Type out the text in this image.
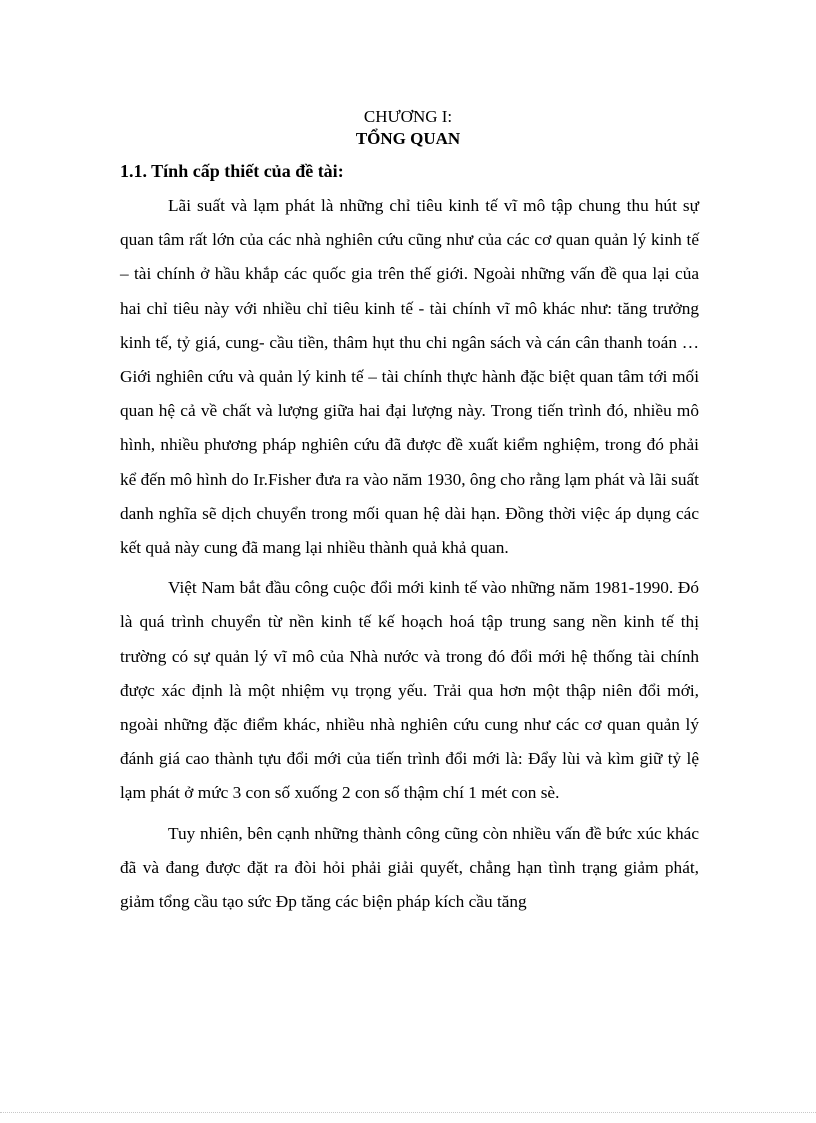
CHƯƠNG I:
TỔNG QUAN
1.1. Tính cấp thiết của đề tài:

Lãi suất và lạm phát là những chỉ tiêu kinh tế vĩ mô tập chung thu hút sự quan tâm rất lớn của các nhà nghiên cứu cũng như của các cơ quan quản lý kinh tế – tài chính ở hầu khắp các quốc gia trên thế giới. Ngoài những vấn đề qua lại của hai chỉ tiêu này với nhiều chỉ tiêu kinh tế - tài chính vĩ mô khác như: tăng trưởng kinh tế, tỷ giá, cung- cầu tiền, thâm hụt thu chi ngân sách và cán cân thanh toán …Giới nghiên cứu và quản lý kinh tế – tài chính thực hành đặc biệt quan tâm tới mối quan hệ cả về chất và lượng giữa hai đại lượng này. Trong tiến trình đó, nhiều mô hình, nhiều phương pháp nghiên cứu đã được đề xuất kiểm nghiệm, trong đó phải kể đến mô hình do Ir.Fisher đưa ra vào năm 1930, ông cho rằng lạm phát và lãi suất danh nghĩa sẽ dịch chuyển trong mối quan hệ dài hạn. Đồng thời việc áp dụng các kết quả này cung đã mang lại nhiều thành quả khả quan.

Việt Nam bắt đầu công cuộc đổi mới kinh tế vào những năm 1981-1990. Đó là quá trình chuyển từ nền kinh tế kế hoạch hoá tập trung sang nền kinh tế thị trường có sự quản lý vĩ mô của Nhà nước và trong đó đổi mới hệ thống tài chính được xác định là một nhiệm vụ trọng yếu. Trải qua hơn một thập niên đổi mới, ngoài những đặc điểm khác, nhiều nhà nghiên cứu cung như các cơ quan quản lý đánh giá cao thành tựu đổi mới của tiến trình đổi mới là: Đẩy lùi và kìm giữ tỷ lệ lạm phát ở mức 3 con số xuống 2 con số thậm chí 1 mét con sè.

Tuy nhiên, bên cạnh những thành công cũng còn nhiều vấn đề bức xúc khác đã và đang được đặt ra đòi hỏi phải giải quyết, chẳng hạn tình trạng giảm phát, giảm tổng cầu tạo sức Đp tăng các biện pháp kích cầu tăng
